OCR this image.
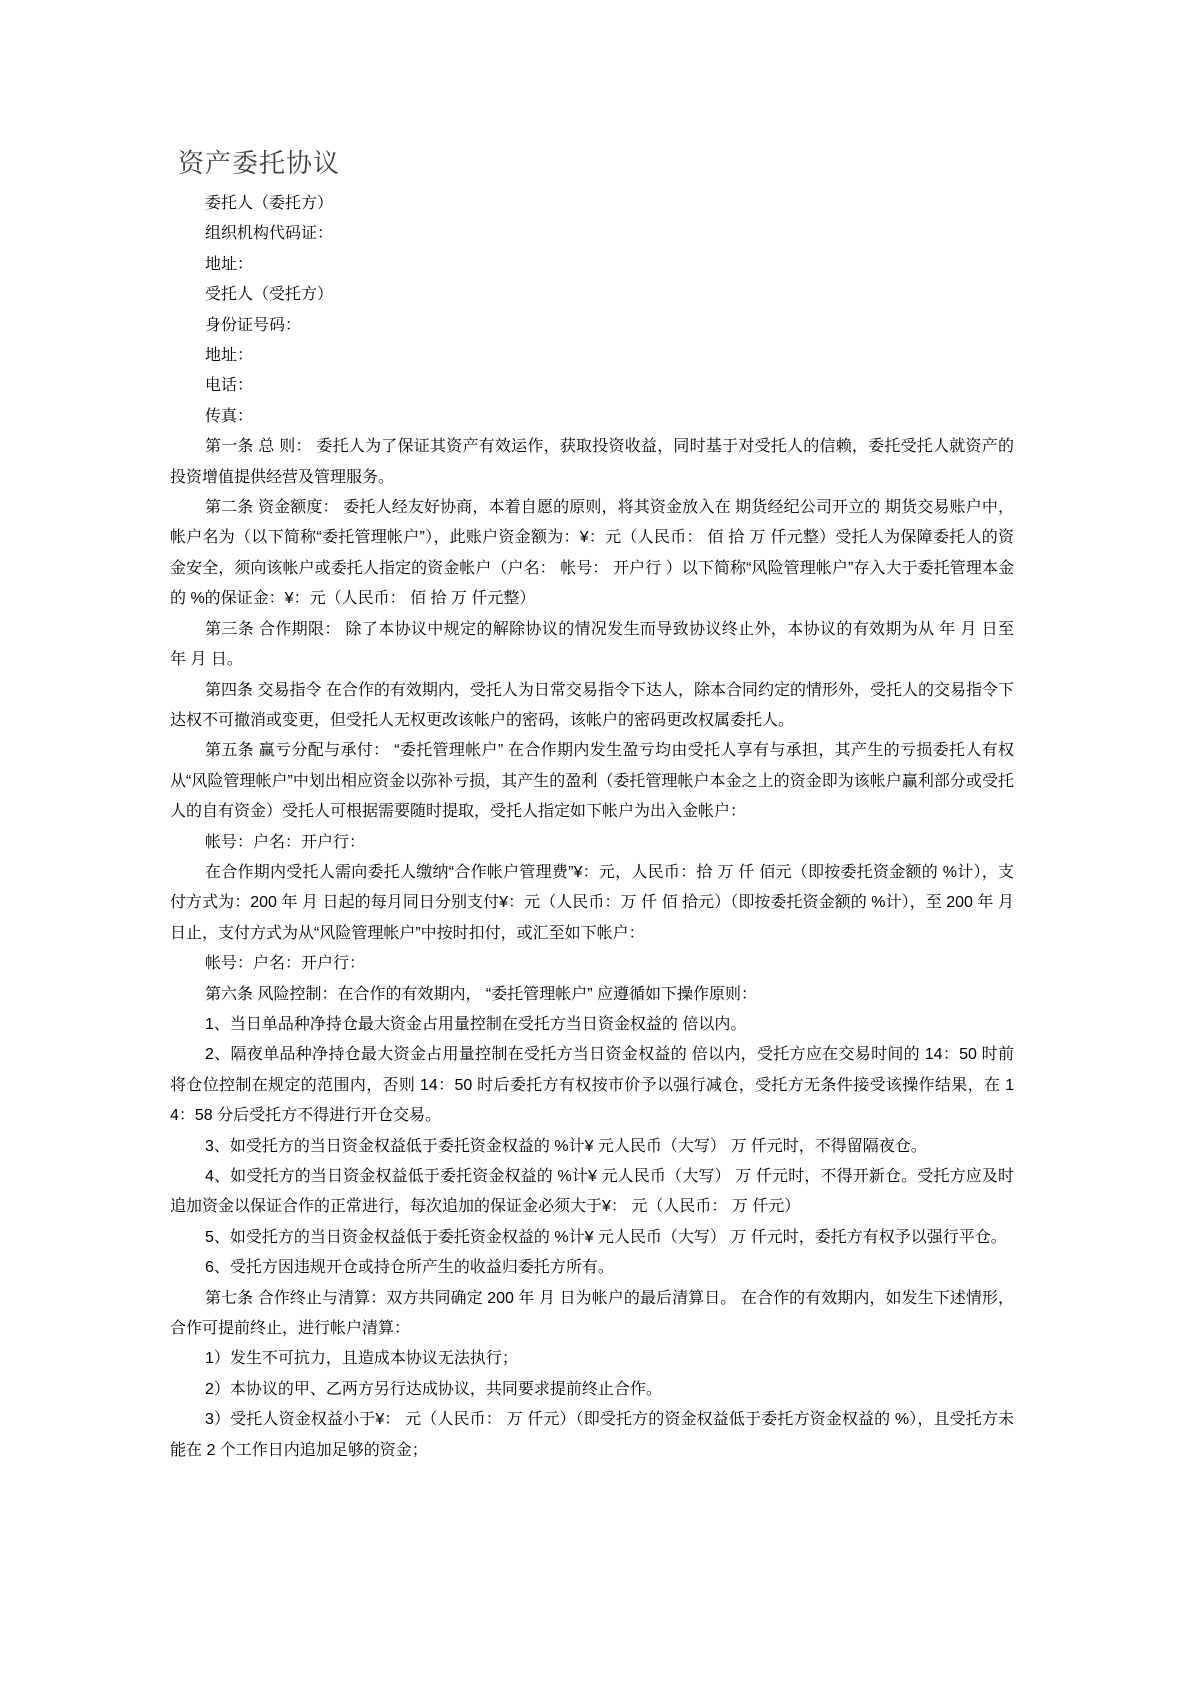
资产委托协议

委托人（委托方）

组织机构代码证：

地址：

受托人（受托方）

身份证号码：

地址：

电话：

传真：

第一条 总 则： 委托人为了保证其资产有效运作，获取投资收益，同时基于对受托人的信赖，委托受托人就资产的投资增值提供经营及管理服务。

第二条 资金额度： 委托人经友好协商，本着自愿的原则，将其资金放入在 期货经纪公司开立的 期货交易账户中，帐户名为（以下简称“委托管理帐户”），此账户资金额为：¥：元（人民币： 佰 拾 万 仟元整）受托人为保障委托人的资金安全，须向该帐户或委托人指定的资金帐户（户名： 帐号： 开户行 ）以下简称“风险管理帐户”存入大于委托管理本金的 %的保证金：¥：元（人民币： 佰 拾 万 仟元整）

第三条 合作期限： 除了本协议中规定的解除协议的情况发生而导致协议终止外，本协议的有效期为从 年 月 日至 年 月 日。

第四条 交易指令 在合作的有效期内，受托人为日常交易指令下达人，除本合同约定的情形外，受托人的交易指令下达权不可撤消或变更，但受托人无权更改该帐户的密码，该帐户的密码更改权属委托人。

第五条 赢亏分配与承付： “委托管理帐户” 在合作期内发生盈亏均由受托人享有与承担，其产生的亏损委托人有权从“风险管理帐户”中划出相应资金以弥补亏损，其产生的盈利（委托管理帐户本金之上的资金即为该帐户赢利部分或受托人的自有资金）受托人可根据需要随时提取，受托人指定如下帐户为出入金帐户：

帐号：户名：开户行：

在合作期内受托人需向委托人缴纳“合作帐户管理费”¥：元，人民币：拾 万 仟 佰元（即按委托资金额的 %计），支付方式为：200 年 月 日起的每月同日分别支付¥：元（人民币：万 仟 佰 拾元）（即按委托资金额的 %计），至 200 年 月 日止，支付方式为从“风险管理帐户”中按时扣付，或汇至如下帐户：

帐号：户名：开户行：

第六条 风险控制：在合作的有效期内， “委托管理帐户” 应遵循如下操作原则：

1、当日单品种净持仓最大资金占用量控制在受托方当日资金权益的 倍以内。

2、隔夜单品种净持仓最大资金占用量控制在受托方当日资金权益的 倍以内，受托方应在交易时间的 14：50 时前将仓位控制在规定的范围内，否则 14：50 时后委托方有权按市价予以强行减仓，受托方无条件接受该操作结果，在 14：58 分后受托方不得进行开仓交易。

3、如受托方的当日资金权益低于委托资金权益的 %计¥ 元人民币（大写） 万 仟元时，不得留隔夜仓。

4、如受托方的当日资金权益低于委托资金权益的 %计¥ 元人民币（大写） 万 仟元时，不得开新仓。受托方应及时追加资金以保证合作的正常进行，每次追加的保证金必须大于¥： 元（人民币： 万 仟元）

5、如受托方的当日资金权益低于委托资金权益的 %计¥ 元人民币（大写） 万 仟元时，委托方有权予以强行平仓。

6、受托方因违规开仓或持仓所产生的收益归委托方所有。

第七条 合作终止与清算：双方共同确定 200 年 月 日为帐户的最后清算日。 在合作的有效期内，如发生下述情形，合作可提前终止，进行帐户清算：

1）发生不可抗力，且造成本协议无法执行；

2）本协议的甲、乙两方另行达成协议，共同要求提前终止合作。

3）受托人资金权益小于¥： 元（人民币： 万 仟元）（即受托方的资金权益低于委托方资金权益的 %），且受托方未能在 2 个工作日内追加足够的资金；
